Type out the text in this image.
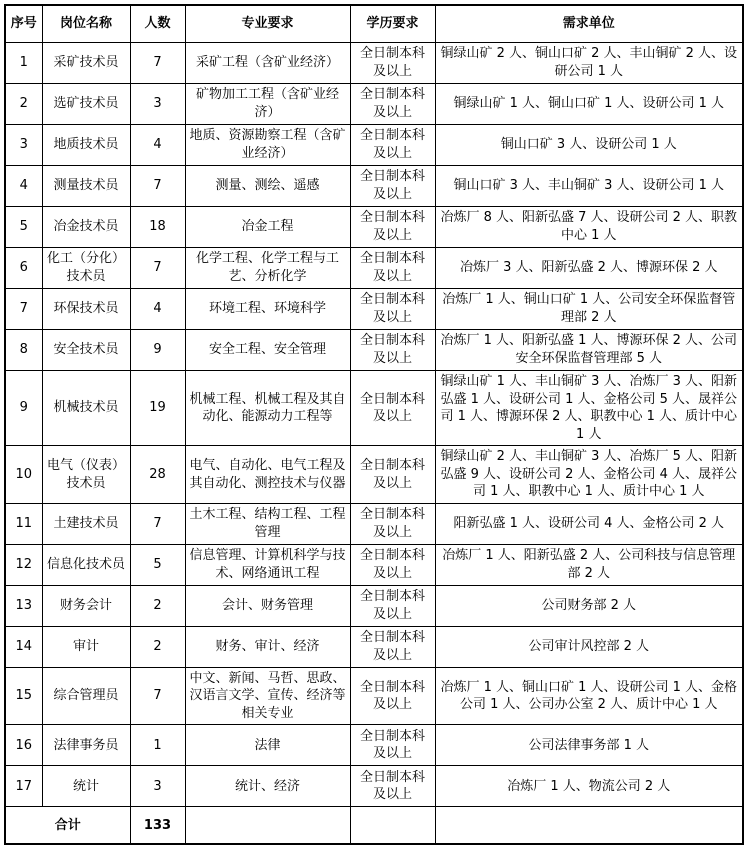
序号	岗位名称	人数	专业要求	学历要求	需求单位
1	采矿技术员	7	采矿工程（含矿业经济）	全日制本科及以上	铜绿山矿 2 人、铜山口矿 2 人、丰山铜矿 2 人、设研公司 1 人
2	选矿技术员	3	矿物加工工程（含矿业经济）	全日制本科及以上	铜绿山矿 1 人、铜山口矿 1 人、设研公司 1 人
3	地质技术员	4	地质、资源勘察工程（含矿业经济）	全日制本科及以上	铜山口矿 3 人、设研公司 1 人
4	测量技术员	7	测量、测绘、遥感	全日制本科及以上	铜山口矿 3 人、丰山铜矿 3 人、设研公司 1 人
5	冶金技术员	18	冶金工程	全日制本科及以上	冶炼厂 8 人、阳新弘盛 7 人、设研公司 2 人、职教中心 1 人
6	化工（分化）技术员	7	化学工程、化学工程与工艺、分析化学	全日制本科及以上	冶炼厂 3 人、阳新弘盛 2 人、博源环保 2 人
7	环保技术员	4	环境工程、环境科学	全日制本科及以上	冶炼厂 1 人、铜山口矿 1 人、公司安全环保监督管理部 2 人
8	安全技术员	9	安全工程、安全管理	全日制本科及以上	冶炼厂 1 人、阳新弘盛 1 人、博源环保 2 人、公司安全环保监督管理部 5 人
9	机械技术员	19	机械工程、机械工程及其自动化、能源动力工程等	全日制本科及以上	铜绿山矿 1 人、丰山铜矿 3 人、冶炼厂 3 人、阳新弘盛 1 人、设研公司 1 人、金格公司 5 人、晟祥公司 1 人、博源环保 2 人、职教中心 1 人、质计中心 1 人
10	电气（仪表）技术员	28	电气、自动化、电气工程及其自动化、测控技术与仪器	全日制本科及以上	铜绿山矿 2 人、丰山铜矿 3 人、冶炼厂 5 人、阳新弘盛 9 人、设研公司 2 人、金格公司 4 人、晟祥公司 1 人、职教中心 1 人、质计中心 1 人
11	土建技术员	7	土木工程、结构工程、工程管理	全日制本科及以上	阳新弘盛 1 人、设研公司 4 人、金格公司 2 人
12	信息化技术员	5	信息管理、计算机科学与技术、网络通讯工程	全日制本科及以上	冶炼厂 1 人、阳新弘盛 2 人、公司科技与信息管理部 2 人
13	财务会计	2	会计、财务管理	全日制本科及以上	公司财务部 2 人
14	审计	2	财务、审计、经济	全日制本科及以上	公司审计风控部 2 人
15	综合管理员	7	中文、新闻、马哲、思政、汉语言文学、宣传、经济等相关专业	全日制本科及以上	冶炼厂 1 人、铜山口矿 1 人、设研公司 1 人、金格公司 1 人、公司办公室 2 人、质计中心 1 人
16	法律事务员	1	法律	全日制本科及以上	公司法律事务部 1 人
17	统计	3	统计、经济	全日制本科及以上	冶炼厂 1 人、物流公司 2 人
合计		133			
